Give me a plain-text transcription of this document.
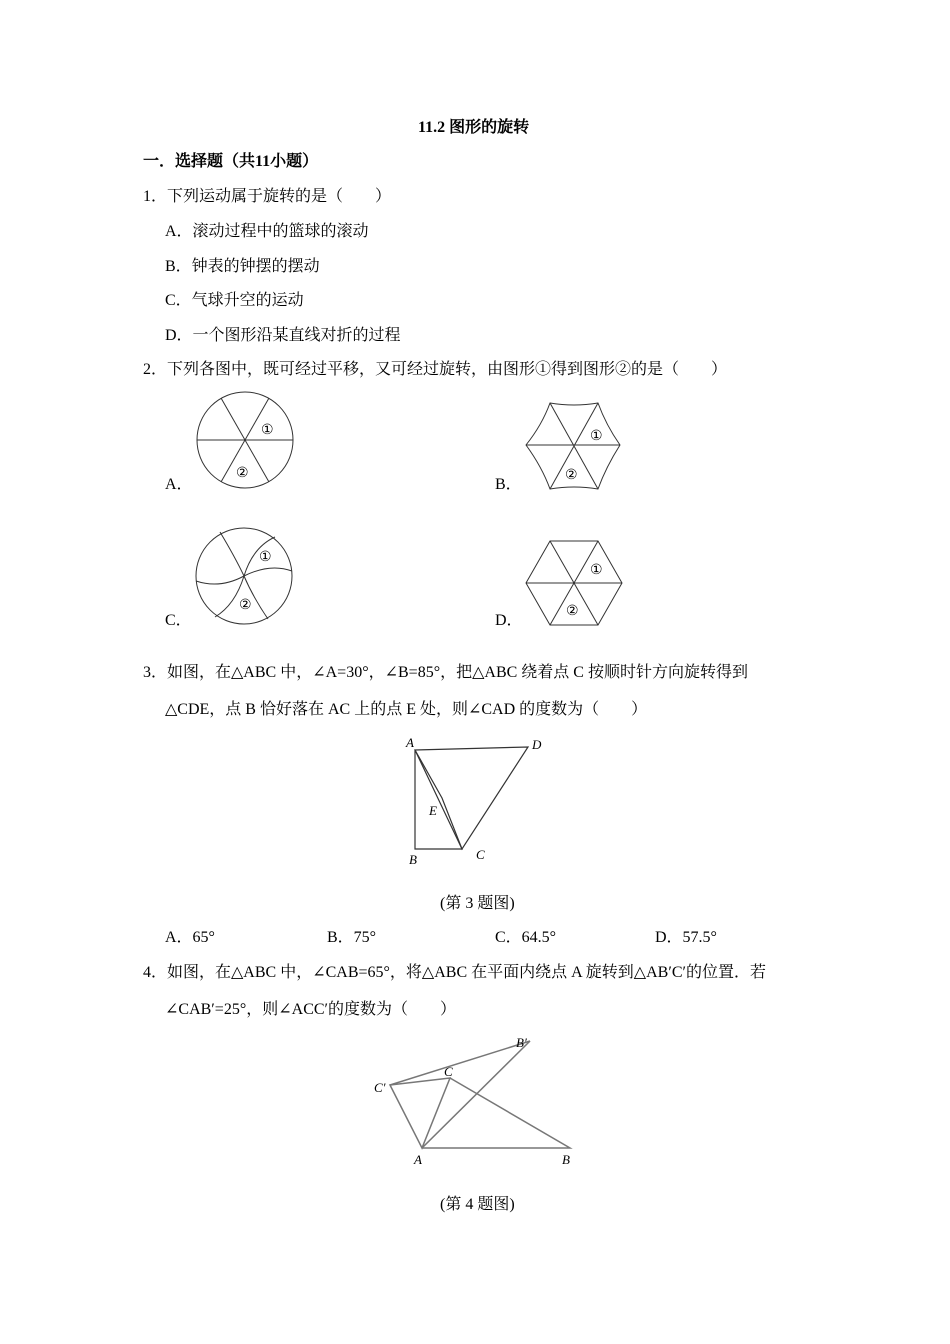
11.2 图形的旋转
一．选择题（共11小题）
1．下列运动属于旋转的是（　　）
A．滚动过程中的篮球的滚动
B．钟表的钟摆的摆动
C．气球升空的运动
D．一个图形沿某直线对折的过程
2．下列各图中，既可经过平移，又可经过旋转，由图形①得到图形②的是（　　）
A．	B．
C．	D．
①
②
①
②
①
②
①
②
3．如图，在△ABC 中，∠A=30°，∠B=85°，把△ABC 绕着点 C 按顺时针方向旋转得到
△CDE，点 B 恰好落在 AC 上的点 E 处，则∠CAD 的度数为（　　）
A	D
E
B	C
(第 3 题图)
A．65°	B．75°	C．64.5°	D．57.5°
4．如图，在△ABC 中，∠CAB=65°，将△ABC 在平面内绕点 A 旋转到△AB′C′的位置．若
∠CAB′=25°，则∠ACC′的度数为（　　）
C′
B′
C
A	B
(第 4 题图)
